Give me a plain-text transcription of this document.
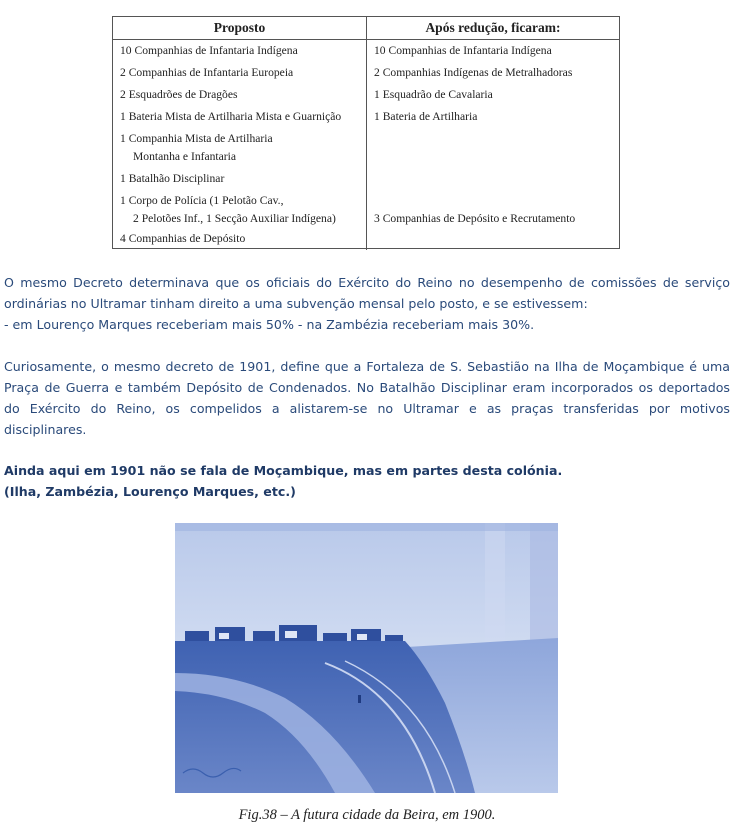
Proposto	Após redução, ficaram:
10 Companhias de Infantaria Indígena
2 Companhias de Infantaria Europeia
2 Esquadrões de Dragões
1 Bateria Mista de Artilharia Mista e Guarnição
1 Companhia Mista de Artilharia
Montanha e Infantaria
1 Batalhão Disciplinar
1 Corpo de Polícia (1 Pelotão Cav.,
2 Pelotões Inf., 1 Secção Auxiliar Indígena)
4 Companhias de Depósito
10 Companhias de Infantaria Indígena
2 Companhias Indígenas de Metralhadoras
1 Esquadrão de Cavalaria
1 Bateria de Artilharia
3 Companhias de Depósito e Recrutamento

O mesmo Decreto determinava que os oficiais do Exército do Reino no desempenho de comissões de serviço
ordinárias no Ultramar tinham direito a uma subvenção mensal pelo posto, e se estivessem:
- em Lourenço Marques receberiam mais 50% - na Zambézia receberiam mais 30%.

Curiosamente, o mesmo decreto de 1901, define que a Fortaleza de S. Sebastião na Ilha de Moçambique é uma
Praça de Guerra e também Depósito de Condenados. No Batalhão Disciplinar eram incorporados os deportados
do Exército do Reino, os compelidos a alistarem-se no Ultramar e as praças transferidas por motivos
disciplinares.

Ainda aqui em 1901 não se fala de Moçambique, mas em partes desta colónia.
(Ilha, Zambézia, Lourenço Marques, etc.)

Fig.38 – A futura cidade da Beira, em 1900.
